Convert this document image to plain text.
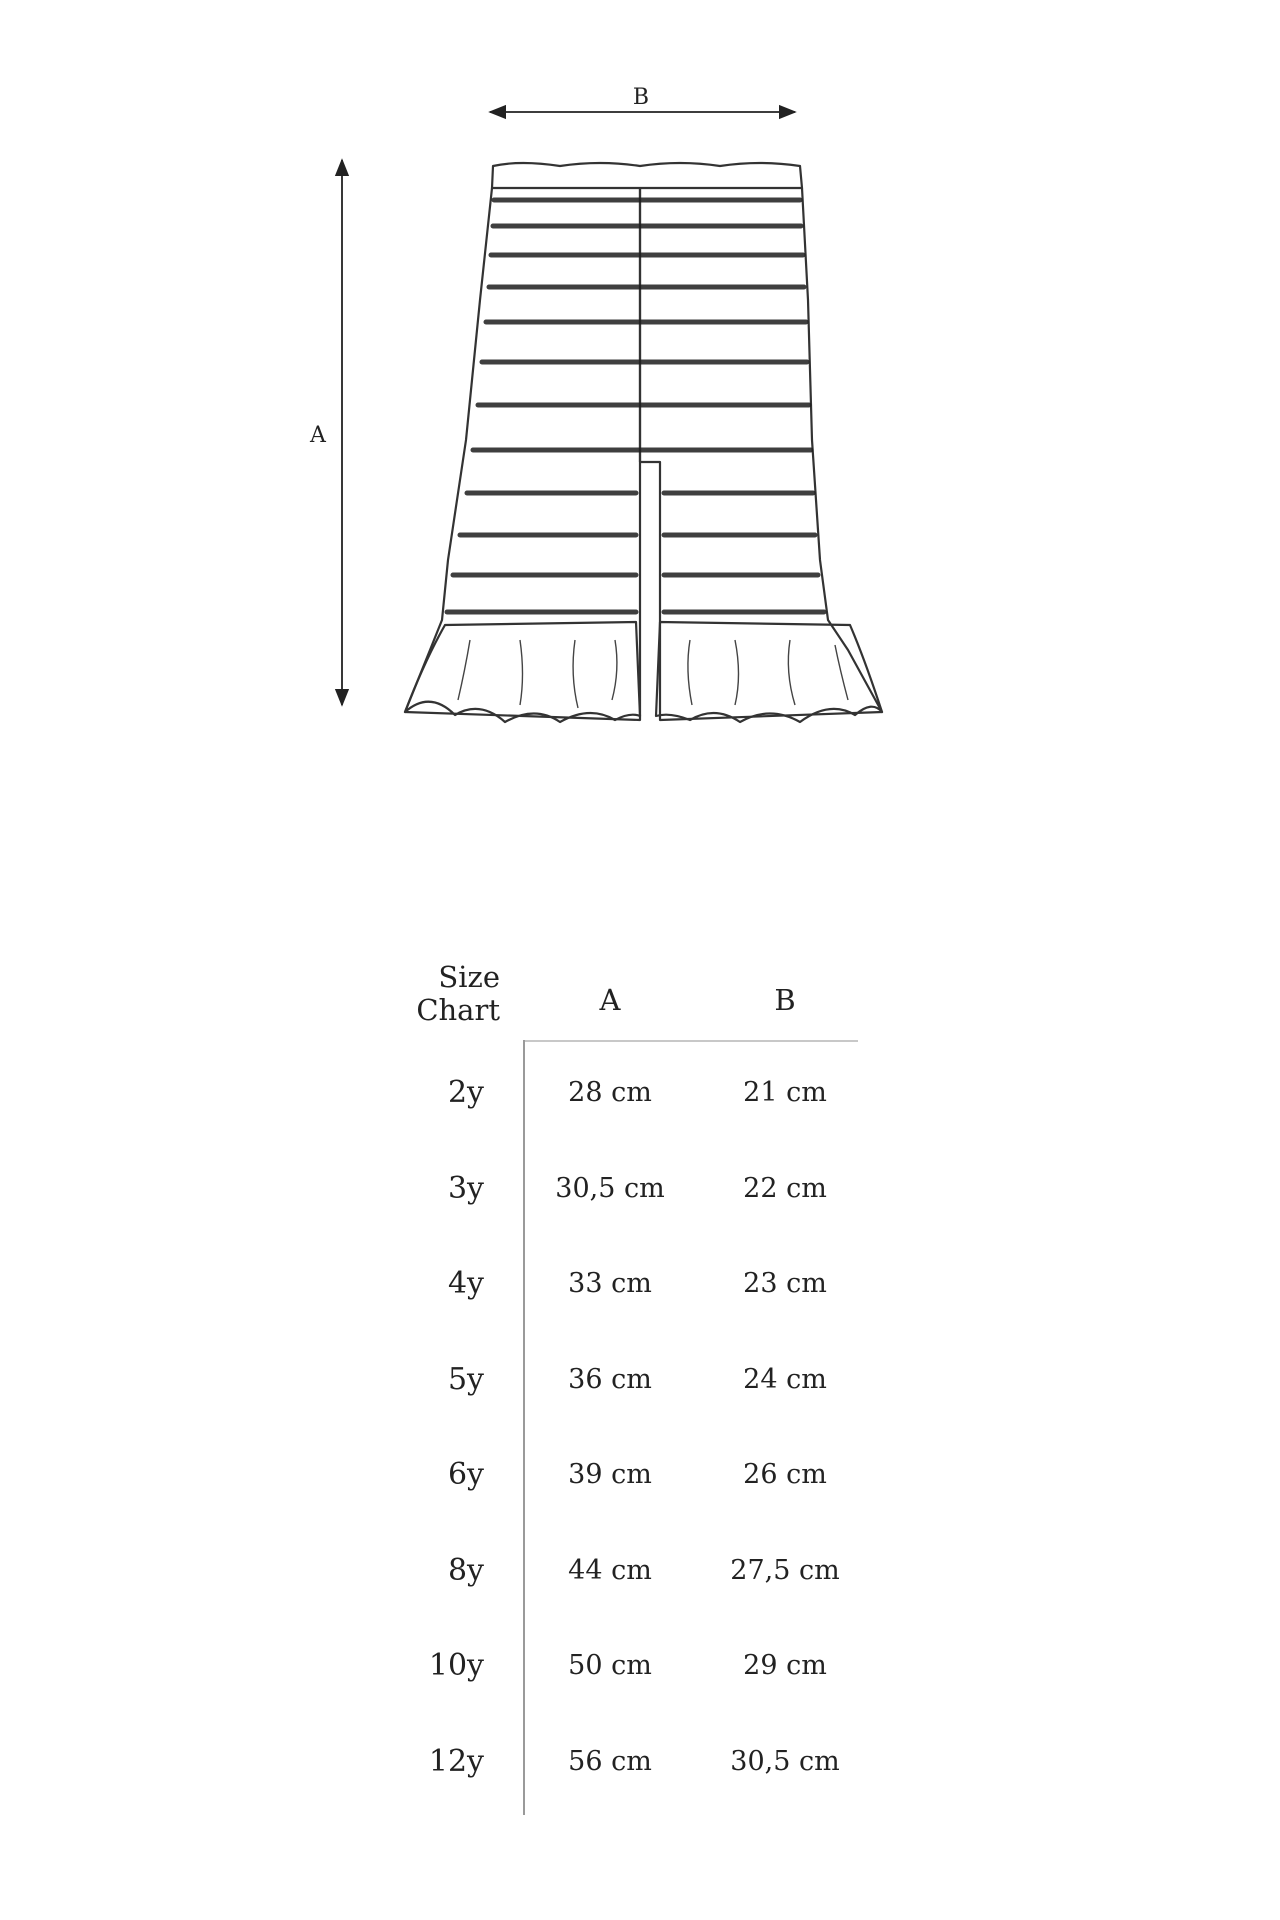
B
A
Size
Chart	A	B
2y	28 cm	21 cm
3y	30,5 cm	22 cm
4y	33 cm	23 cm
5y	36 cm	24 cm
6y	39 cm	26 cm
8y	44 cm	27,5 cm
10y	50 cm	29 cm
12y	56 cm	30,5 cm
